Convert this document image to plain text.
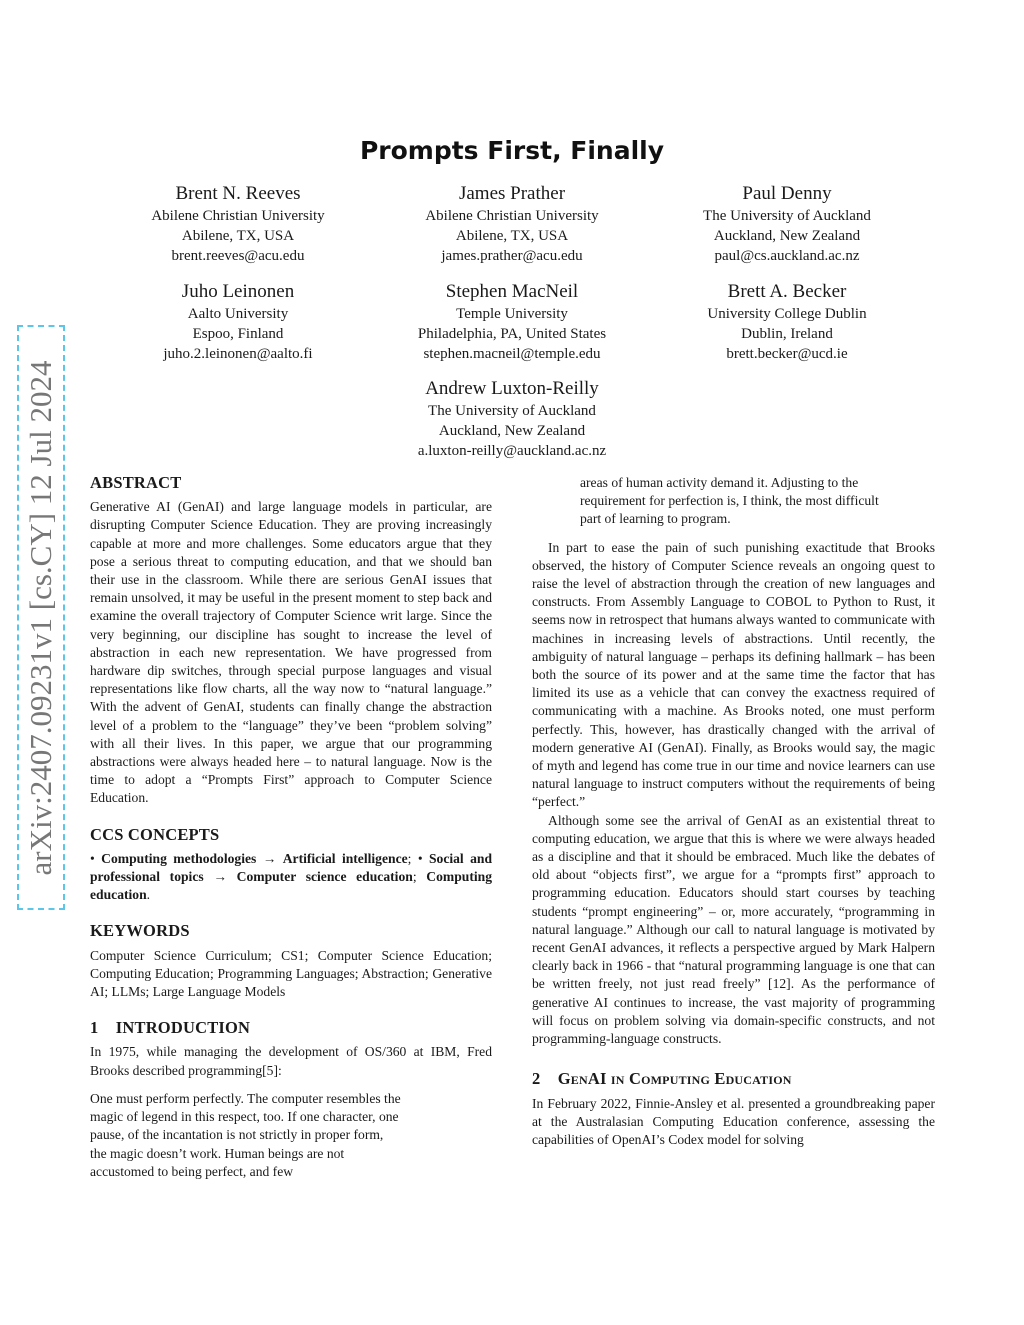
arXiv:2407.09231v1 [cs.CY] 12 Jul 2024
Prompts First, Finally
Brent N. Reeves
Abilene Christian University
Abilene, TX, USA
brent.reeves@acu.edu
James Prather
Abilene Christian University
Abilene, TX, USA
james.prather@acu.edu
Paul Denny
The University of Auckland
Auckland, New Zealand
paul@cs.auckland.ac.nz
Juho Leinonen
Aalto University
Espoo, Finland
juho.2.leinonen@aalto.fi
Stephen MacNeil
Temple University
Philadelphia, PA, United States
stephen.macneil@temple.edu
Brett A. Becker
University College Dublin
Dublin, Ireland
brett.becker@ucd.ie
Andrew Luxton-Reilly
The University of Auckland
Auckland, New Zealand
a.luxton-reilly@auckland.ac.nz
ABSTRACT

Generative AI (GenAI) and large language models in particular, are disrupting Computer Science Education. They are proving increasingly capable at more and more challenges. Some educators argue that they pose a serious threat to computing education, and that we should ban their use in the classroom. While there are serious GenAI issues that remain unsolved, it may be useful in the present moment to step back and examine the overall trajectory of Computer Science writ large. Since the very beginning, our discipline has sought to increase the level of abstraction in each new representation. We have progressed from hardware dip switches, through special purpose languages and visual representations like flow charts, all the way now to “natural language.” With the advent of GenAI, students can finally change the abstraction level of a problem to the “language” they’ve been “problem solving” with all their lives. In this paper, we argue that our programming abstractions were always headed here – to natural language. Now is the time to adopt a “Prompts First” approach to Computer Science Education.

CCS CONCEPTS

• Computing methodologies → Artificial intelligence; • Social and professional topics → Computer science education; Computing education.

KEYWORDS

Computer Science Curriculum; CS1; Computer Science Education; Computing Education; Programming Languages; Abstraction; Generative AI; LLMs; Large Language Models

1    INTRODUCTION

In 1975, while managing the development of OS/360 at IBM, Fred Brooks described programming[5]:

One must perform perfectly. The computer resembles the magic of legend in this respect, too. If one character, one pause, of the incantation is not strictly in proper form, the magic doesn’t work. Human beings are not accustomed to being perfect, and few

areas of human activity demand it. Adjusting to the requirement for perfection is, I think, the most difficult part of learning to program.

In part to ease the pain of such punishing exactitude that Brooks observed, the history of Computer Science reveals an ongoing quest to raise the level of abstraction through the creation of new languages and constructs. From Assembly Language to COBOL to Python to Rust, it seems now in retrospect that humans always wanted to communicate with machines in increasing levels of abstractions. Until recently, the ambiguity of natural language – perhaps its defining hallmark – has been both the source of its power and at the same time the factor that has limited its use as a vehicle that can convey the exactness required of communicating with a machine. As Brooks noted, one must perform perfectly. This, however, has drastically changed with the arrival of modern generative AI (GenAI). Finally, as Brooks would say, the magic of myth and legend has come true in our time and novice learners can use natural language to instruct computers without the requirements of being “perfect.”

Although some see the arrival of GenAI as an existential threat to computing education, we argue that this is where we were always headed as a discipline and that it should be embraced. Much like the debates of old about “objects first”, we argue for a “prompts first” approach to programming education. Educators should start courses by teaching students “prompt engineering” – or, more accurately, “programming in natural language.” Although our call to natural language is motivated by recent GenAI advances, it reflects a perspective argued by Mark Halpern clearly back in 1966 - that “natural programming language is one that can be written freely, not just read freely” [12]. As the performance of generative AI continues to increase, the vast majority of programming will focus on problem solving via domain-specific constructs, and not programming-language constructs.

2 GenAI in Computing Education

In February 2022, Finnie-Ansley et al. presented a groundbreaking paper at the Australasian Computing Education conference, assessing the capabilities of OpenAI’s Codex model for solving
